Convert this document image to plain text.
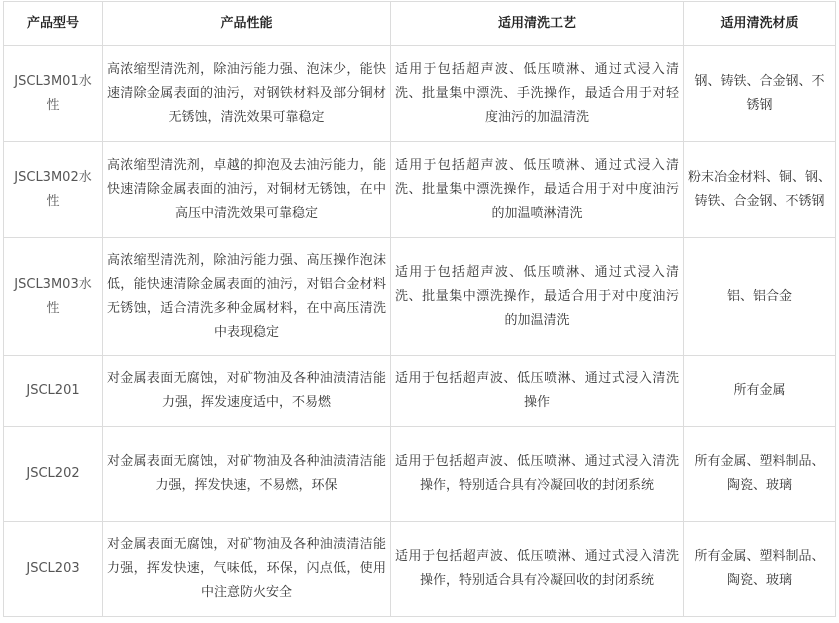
产品型号	产品性能	适用清洗工艺	适用清洗材质
JSCL3M01水性	高浓缩型清洗剂，除油污能力强、泡沫少，能快速清除金属表面的油污，对钢铁材料及部分铜材无锈蚀，清洗效果可靠稳定	适用于包括超声波、低压喷淋、通过式浸入清洗、批量集中漂洗、手洗操作，最适合用于对轻度油污的加温清洗	钢、铸铁、合金钢、不锈钢
JSCL3M02水性	高浓缩型清洗剂，卓越的抑泡及去油污能力，能快速清除金属表面的油污，对铜材无锈蚀，在中高压中清洗效果可靠稳定	适用于包括超声波、低压喷淋、通过式浸入清洗、批量集中漂洗操作，最适合用于对中度油污的加温喷淋清洗	粉末冶金材料、铜、钢、铸铁、合金钢、不锈钢
JSCL3M03水性	高浓缩型清洗剂，除油污能力强、高压操作泡沫低，能快速清除金属表面的油污，对铝合金材料无锈蚀，适合清洗多种金属材料，在中高压清洗中表现稳定	适用于包括超声波、低压喷淋、通过式浸入清洗、批量集中漂洗操作，最适合用于对中度油污的加温清洗	铝、铝合金
JSCL201	对金属表面无腐蚀，对矿物油及各种油渍清洁能力强，挥发速度适中，不易燃	适用于包括超声波、低压喷淋、通过式浸入清洗操作	所有金属
JSCL202	对金属表面无腐蚀，对矿物油及各种油渍清洁能力强，挥发快速，不易燃，环保	适用于包括超声波、低压喷淋、通过式浸入清洗操作，特别适合具有冷凝回收的封闭系统	所有金属、塑料制品、陶瓷、玻璃
JSCL203	对金属表面无腐蚀，对矿物油及各种油渍清洁能力强，挥发快速，气味低，环保，闪点低，使用中注意防火安全	适用于包括超声波、低压喷淋、通过式浸入清洗操作，特别适合具有冷凝回收的封闭系统	所有金属、塑料制品、陶瓷、玻璃
